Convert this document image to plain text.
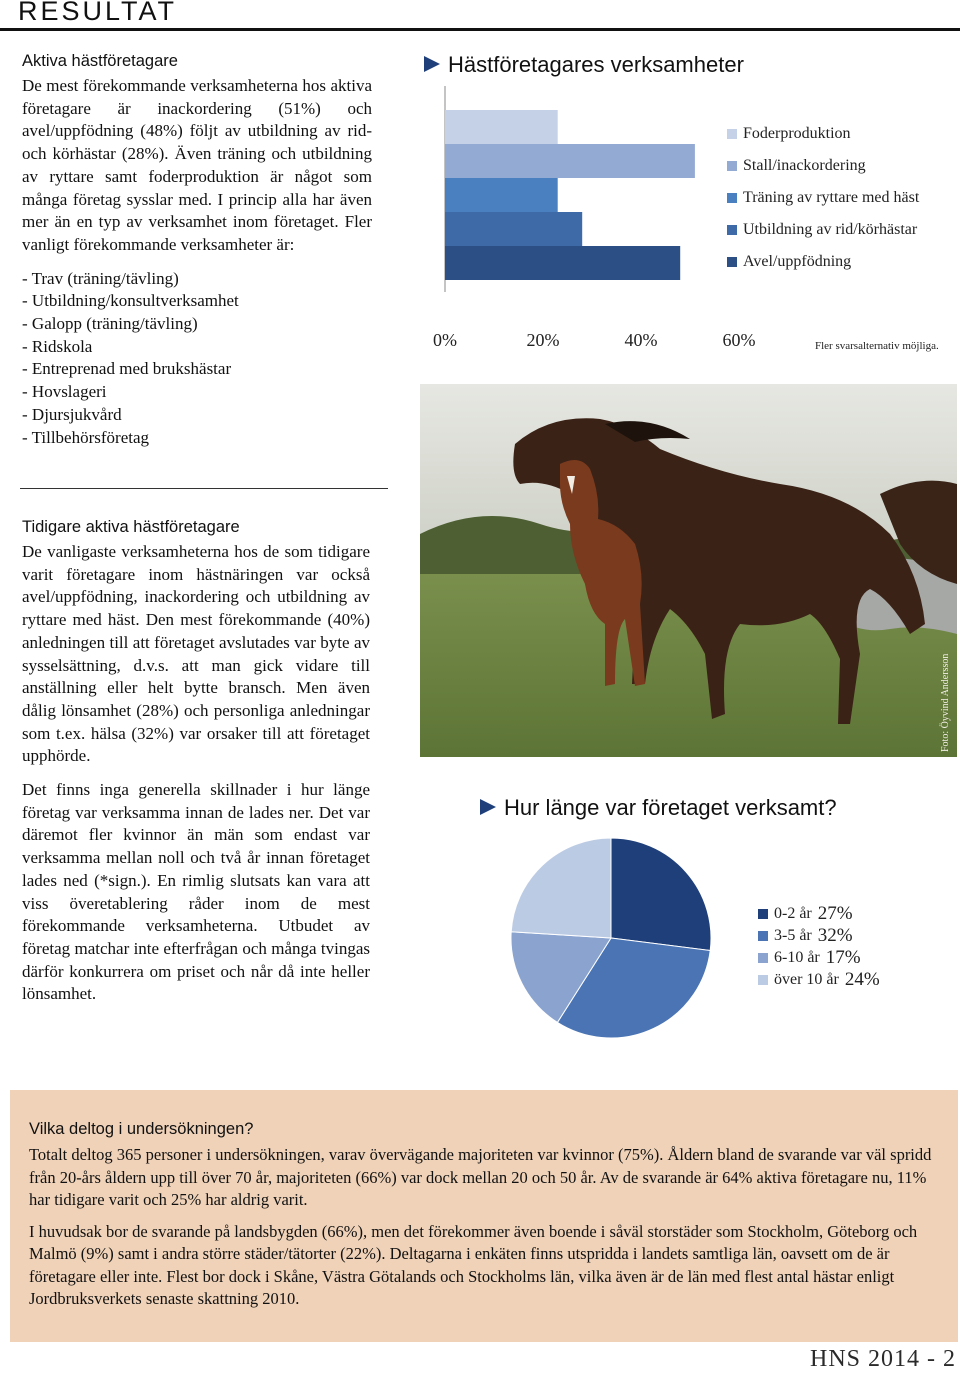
RESULTAT
Aktiva hästföretagare
De mest förekommande verksamheterna hos aktiva företagare är inackordering (51%) och avel/uppfödning (48%) följt av utbildning av rid- och körhästar (28%). Även träning och utbildning av ryttare samt foderproduktion är något som många företag sysslar med. I princip alla har även mer än en typ av verksamhet inom företaget. Fler vanligt förekommande verksamheter är:
- Trav (träning/tävling)
- Utbildning/konsultverksamhet
- Galopp (träning/tävling)
- Ridskola
- Entreprenad med brukshästar
- Hovslageri
- Djursjukvård
- Tillbehörsföretag
Tidigare aktiva hästföretagare
De vanligaste verksamheterna hos de som tidigare varit företagare inom hästnäringen var också avel/uppfödning, inackordering och utbildning av ryttare med häst. Den mest förekommande (40%) anledningen till att företaget avslutades var byte av sysselsättning, d.v.s. att man gick vidare till anställning eller helt bytte bransch. Men även dålig lönsamhet (28%) och personliga anledningar som t.ex. hälsa (32%) var orsaker till att företaget upphörde.
Det finns inga generella skillnader i hur länge företag var verksamma innan de lades ner. Det var däremot fler kvinnor än män som endast var verksamma mellan noll och två år innan företaget lades ned (*sign.). En rimlig slutsats kan vara att viss överetablering råder inom de mest förekommande verksamheterna. Utbudet av företag matchar inte efterfrågan och många tvingas därför konkurrera om priset och når då inte heller lönsamhet.
Hästföretagares verksamheter
0%	20%	40%	60%
Foderproduktion
Stall/inackordering
Träning av ryttare med häst
Utbildning av rid/körhästar
Avel/uppfödning
Fler svarsalternativ möjliga.
Foto: Öyvind Andersson
Hur länge var företaget verksamt?
0-2 år 27%
3-5 år 32%
6-10 år 17%
över 10 år 24%
Vilka deltog i undersökningen?
Totalt deltog 365 personer i undersökningen, varav övervägande majoriteten var kvinnor (75%). Åldern bland de svarande var väl spridd från 20-års åldern upp till över 70 år, majoriteten (66%) var dock mellan 20 och 50 år. Av de svarande är 64% aktiva företagare nu, 11% har tidigare varit och 25% har aldrig varit.
I huvudsak bor de svarande på landsbygden (66%), men det förekommer även boende i såväl storstäder som Stockholm, Göteborg och Malmö (9%) samt i andra större städer/tätorter (22%). Deltagarna i enkäten finns utspridda i landets samtliga län, oavsett om de är företagare eller inte. Flest bor dock i Skåne, Västra Götalands och Stockholms län, vilka även är de län med flest antal hästar enligt Jordbruksverkets senaste skattning 2010.
HNS 2014 - 2
